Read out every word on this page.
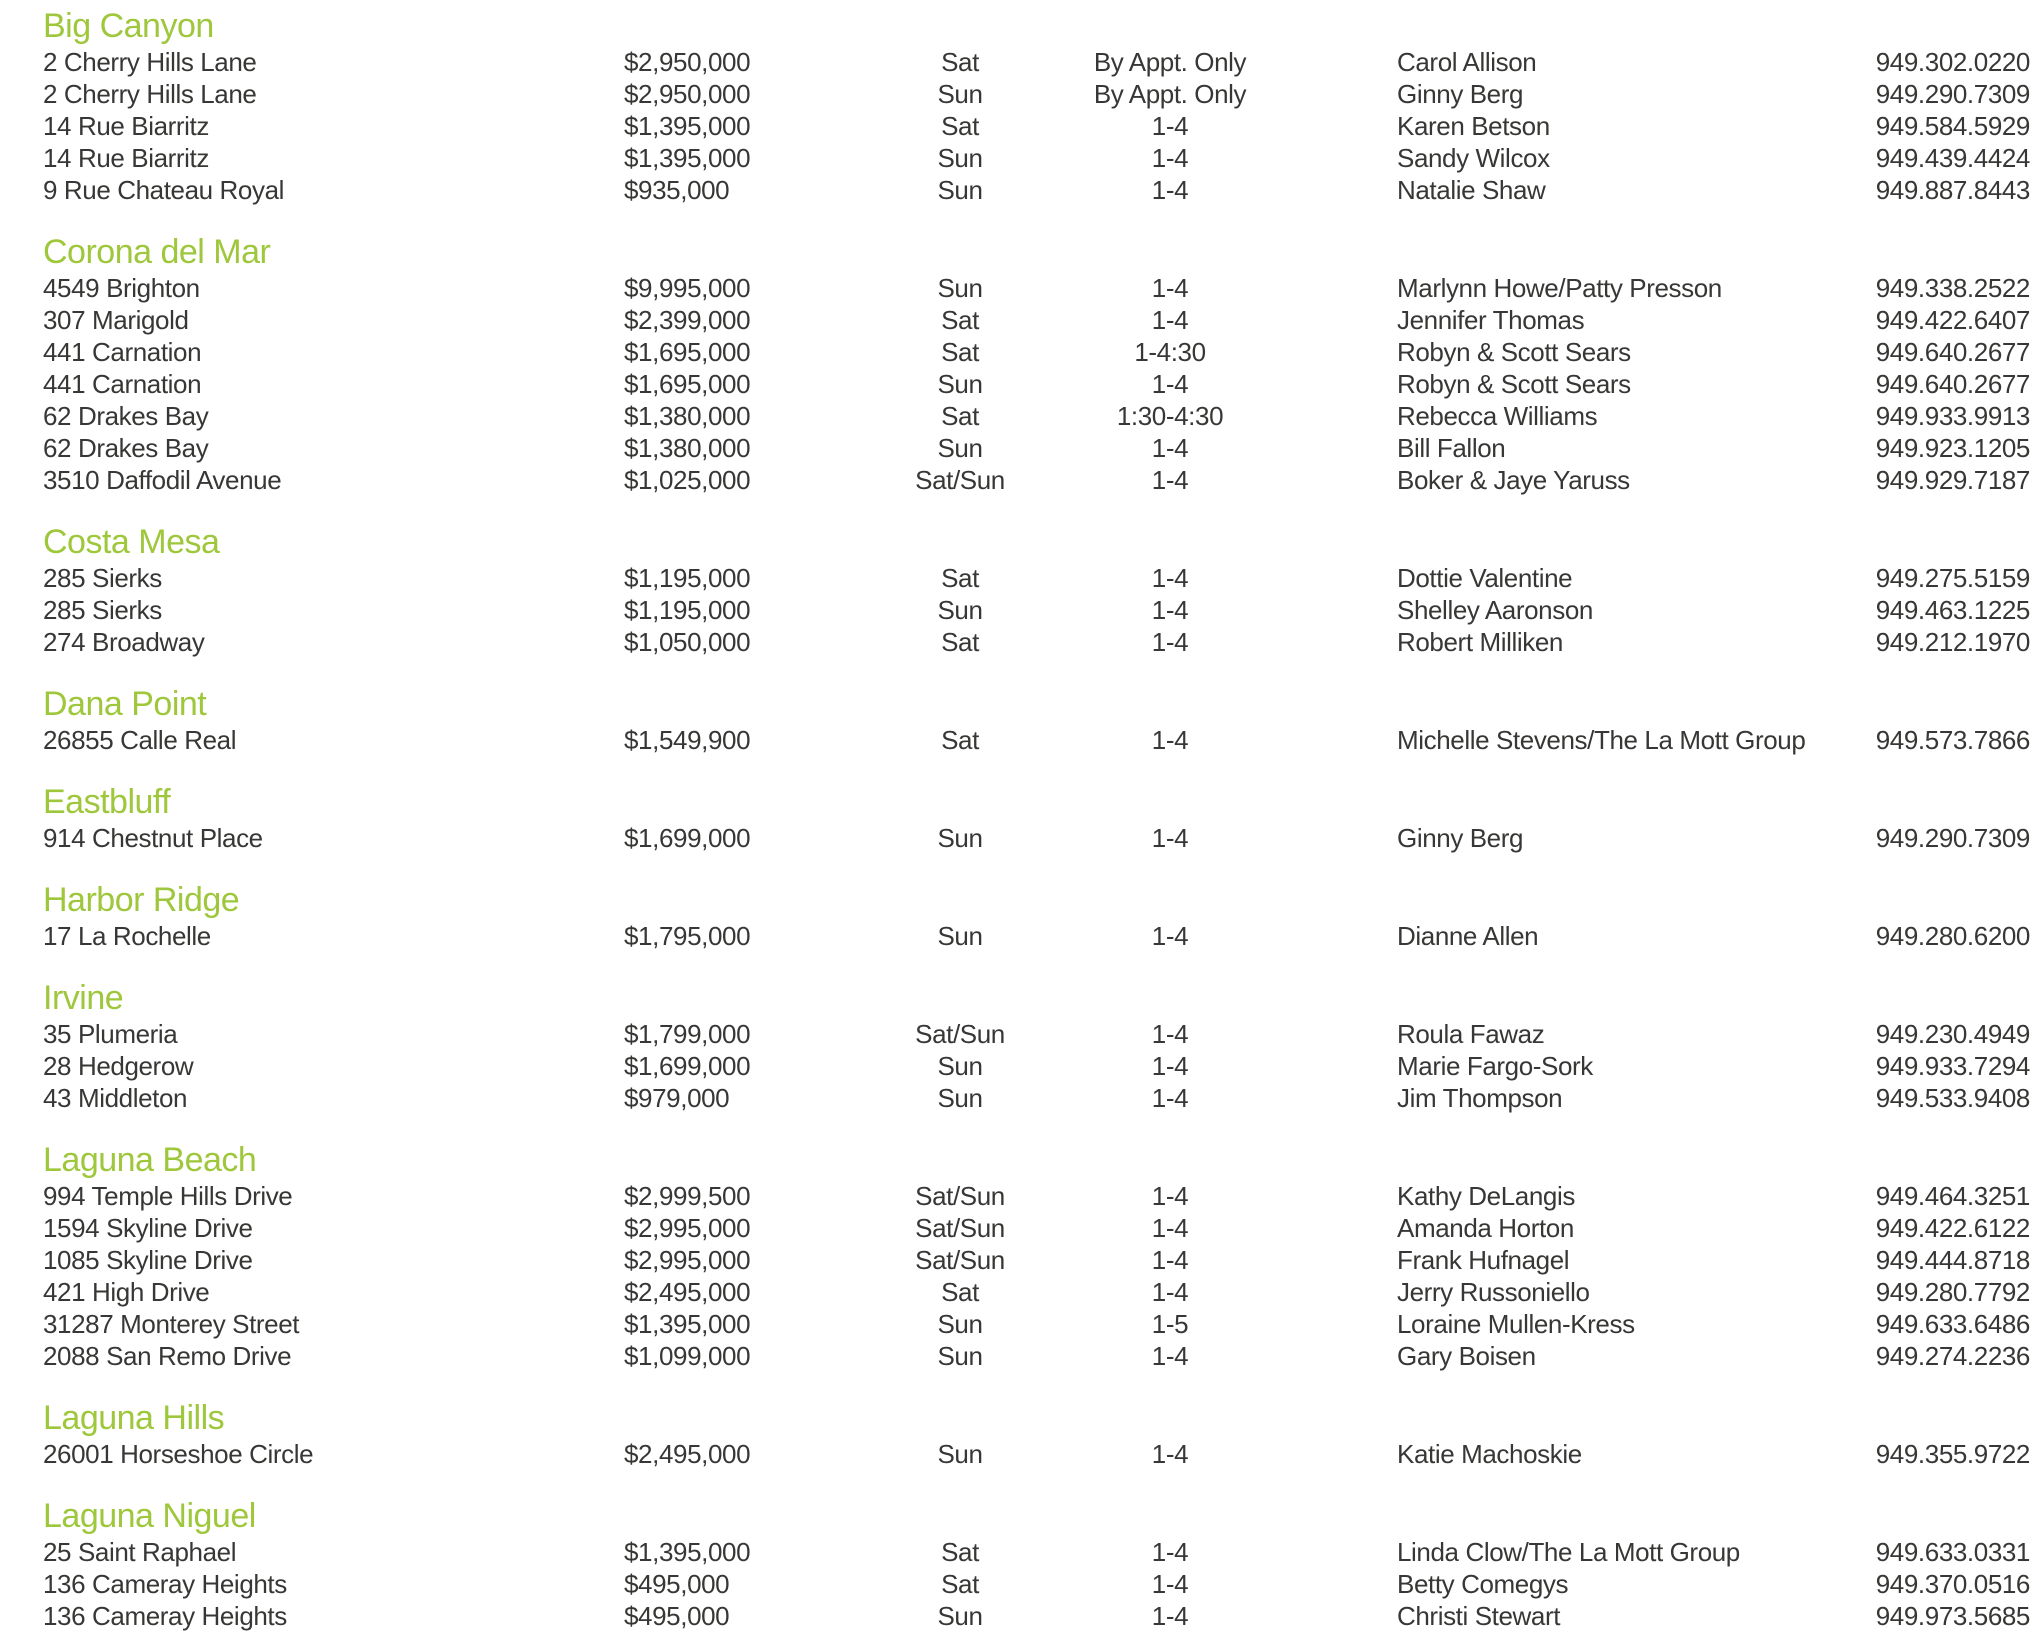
Big Canyon
2 Cherry Hills Lane	$2,950,000	Sat	By Appt. Only	Carol Allison	949.302.0220
2 Cherry Hills Lane	$2,950,000	Sun	By Appt. Only	Ginny Berg	949.290.7309
14 Rue Biarritz	$1,395,000	Sat	1-4	Karen Betson	949.584.5929
14 Rue Biarritz	$1,395,000	Sun	1-4	Sandy Wilcox	949.439.4424
9 Rue Chateau Royal	$935,000	Sun	1-4	Natalie Shaw	949.887.8443
Corona del Mar
4549 Brighton	$9,995,000	Sun	1-4	Marlynn Howe/Patty Presson	949.338.2522
307 Marigold	$2,399,000	Sat	1-4	Jennifer Thomas	949.422.6407
441 Carnation	$1,695,000	Sat	1-4:30	Robyn & Scott Sears	949.640.2677
441 Carnation	$1,695,000	Sun	1-4	Robyn & Scott Sears	949.640.2677
62 Drakes Bay	$1,380,000	Sat	1:30-4:30	Rebecca Williams	949.933.9913
62 Drakes Bay	$1,380,000	Sun	1-4	Bill Fallon	949.923.1205
3510 Daffodil Avenue	$1,025,000	Sat/Sun	1-4	Boker & Jaye Yaruss	949.929.7187
Costa Mesa
285 Sierks	$1,195,000	Sat	1-4	Dottie Valentine	949.275.5159
285 Sierks	$1,195,000	Sun	1-4	Shelley Aaronson	949.463.1225
274 Broadway	$1,050,000	Sat	1-4	Robert Milliken	949.212.1970
Dana Point
26855 Calle Real	$1,549,900	Sat	1-4	Michelle Stevens/The La Mott Group	949.573.7866
Eastbluff
914 Chestnut Place	$1,699,000	Sun	1-4	Ginny Berg	949.290.7309
Harbor Ridge
17 La Rochelle	$1,795,000	Sun	1-4	Dianne Allen	949.280.6200
Irvine
35 Plumeria	$1,799,000	Sat/Sun	1-4	Roula Fawaz	949.230.4949
28 Hedgerow	$1,699,000	Sun	1-4	Marie Fargo-Sork	949.933.7294
43 Middleton	$979,000	Sun	1-4	Jim Thompson	949.533.9408
Laguna Beach
994 Temple Hills Drive	$2,999,500	Sat/Sun	1-4	Kathy DeLangis	949.464.3251
1594 Skyline Drive	$2,995,000	Sat/Sun	1-4	Amanda Horton	949.422.6122
1085 Skyline Drive	$2,995,000	Sat/Sun	1-4	Frank Hufnagel	949.444.8718
421 High Drive	$2,495,000	Sat	1-4	Jerry Russoniello	949.280.7792
31287 Monterey Street	$1,395,000	Sun	1-5	Loraine Mullen-Kress	949.633.6486
2088 San Remo Drive	$1,099,000	Sun	1-4	Gary Boisen	949.274.2236
Laguna Hills
26001 Horseshoe Circle	$2,495,000	Sun	1-4	Katie Machoskie	949.355.9722
Laguna Niguel
25 Saint Raphael	$1,395,000	Sat	1-4	Linda Clow/The La Mott Group	949.633.0331
136 Cameray Heights	$495,000	Sat	1-4	Betty Comegys	949.370.0516
136 Cameray Heights	$495,000	Sun	1-4	Christi Stewart	949.973.5685
